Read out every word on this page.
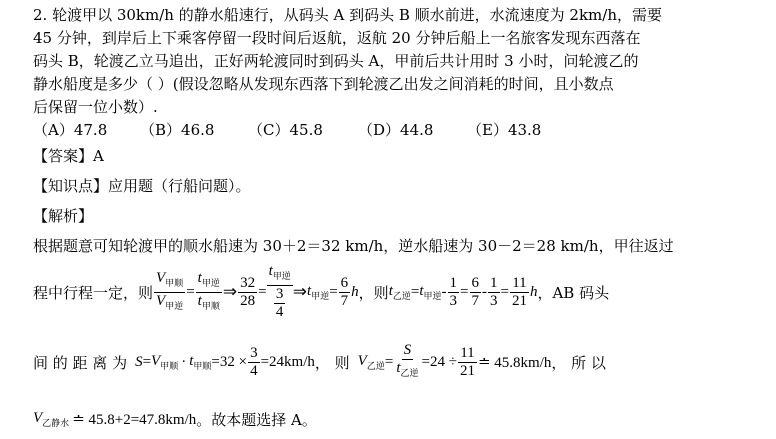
2. 轮渡甲以 30km/h 的静水船速行，从码头 A 到码头 B 顺水前进，水流速度为 2km/h，需要
45 分钟，到岸后上下乘客停留一段时间后返航，返航 20 分钟后船上一名旅客发现东西落在
码头 B，轮渡乙立马追出，正好两轮渡同时到码头 A，甲前后共计用时 3 小时，问轮渡乙的
静水船度是多少（ ）(假设忽略从发现东西落下到轮渡乙出发之间消耗的时间，且小数点
后保留一位小数）.
（A）47.8 （B）46.8 （C）45.8 （D）44.8 （E）43.8
【答案】A
【知识点】应用题（行船问题）。
【解析】
根据题意可知轮渡甲的顺水船速为 30＋2＝32 km/h，逆水船速为 30－2＝28 km/h，甲往返过
程中行程一定，则 $\frac{V_{甲顺}}{V_{甲逆}} = \frac{t_{甲逆}}{t_{甲顺}}$ ⇒ $\frac{32}{28}$ =
$t_{甲逆}$
$\frac{3}{4}$ ⇒ $t_{甲逆} = \frac{6}{7}$ h ，则 $t_{乙逆} = t_{甲逆} - \frac{1}{3} = \frac{6}{7} - \frac{1}{3} = \frac{11}{21}$ h ，AB 码头
间 的 距 离 为 $S = V_{甲顺} \cdot t_{甲顺} =32 \times \frac{3}{4} =24km/h$ ， 则 $V_{乙逆} = \frac{S}{t_{乙逆}} =24 \div \frac{11}{21}$ ≐ 45.8km/h ， 所 以
$V_{乙静水}$ ≐ 45.8+2=47.8km/h 。故本题选择 A。
